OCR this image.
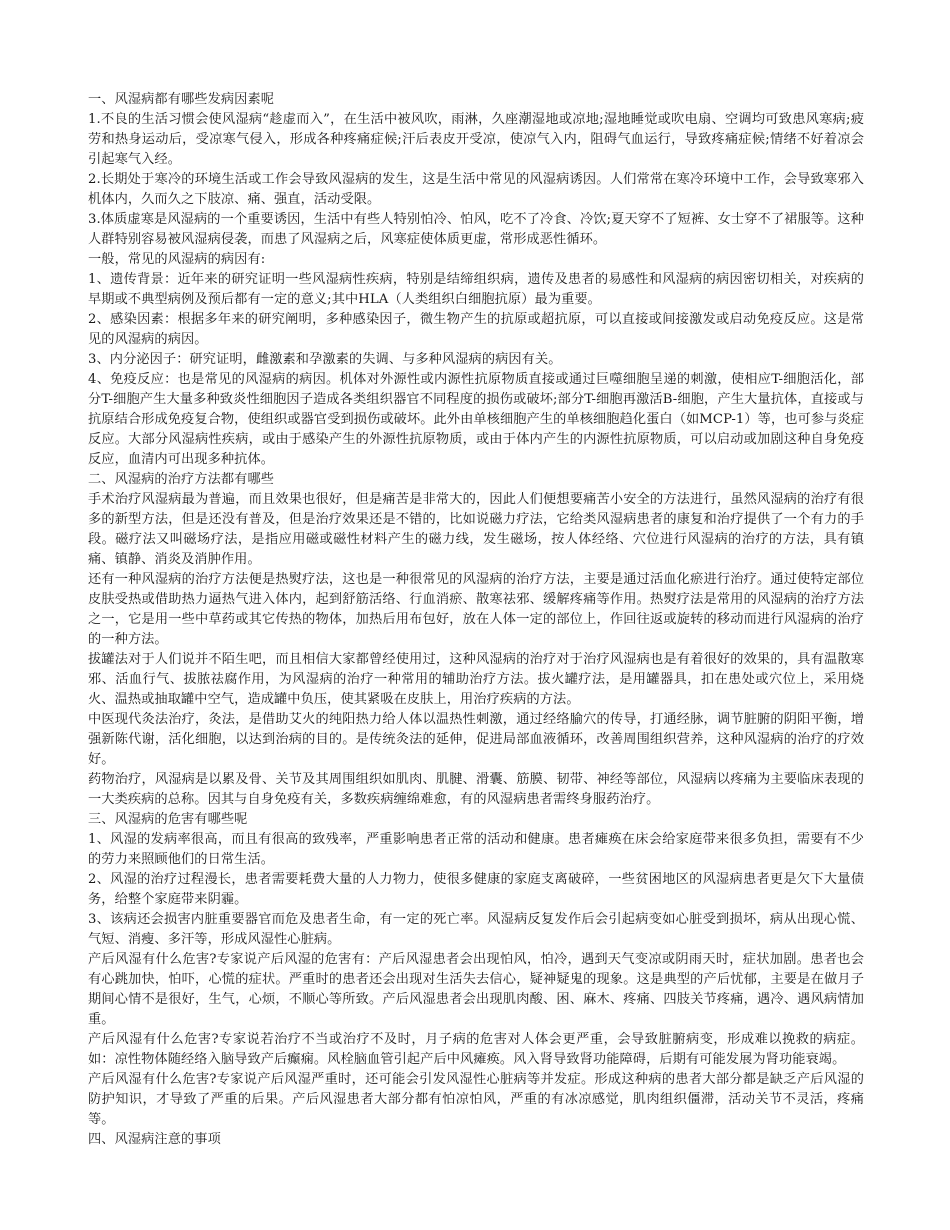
一、风湿病都有哪些发病因素呢

1.不良的生活习惯会使风湿病“趁虚而入”，在生活中被风吹，雨淋，久座潮湿地或凉地;湿地睡觉或吹电扇、空调均可致患风寒病;疲劳和热身运动后，受凉寒气侵入，形成各种疼痛症候;汗后表皮开受凉，使凉气入内，阻碍气血运行，导致疼痛症候;情绪不好着凉会引起寒气入经。

2.长期处于寒冷的环境生活或工作会导致风湿病的发生，这是生活中常见的风湿病诱因。人们常常在寒冷环境中工作，会导致寒邪入机体内，久而久之下肢凉、痛、强直，活动受限。

3.体质虚寒是风湿病的一个重要诱因，生活中有些人特别怕冷、怕风，吃不了冷食、冷饮;夏天穿不了短裤、女士穿不了裙服等。这种人群特别容易被风湿病侵袭，而患了风湿病之后，风寒症使体质更虚，常形成恶性循环。

一般，常见的风湿病的病因有:

1、遗传背景：近年来的研究证明一些风湿病性疾病，特别是结缔组织病，遗传及患者的易感性和风湿病的病因密切相关，对疾病的早期或不典型病例及预后都有一定的意义;其中HLA（人类组织白细胞抗原）最为重要。

2、感染因素：根据多年来的研究阐明，多种感染因子，微生物产生的抗原或超抗原，可以直接或间接激发或启动免疫反应。这是常见的风湿病的病因。

3、内分泌因子：研究证明，雌激素和孕激素的失调、与多种风湿病的病因有关。

4、免疫反应：也是常见的风湿病的病因。机体对外源性或内源性抗原物质直接或通过巨噬细胞呈递的刺激，使相应T-细胞活化，部分T-细胞产生大量多种致炎性细胞因子造成各类组织器官不同程度的损伤或破坏;部分T-细胞再激活B-细胞，产生大量抗体，直接或与抗原结合形成免疫复合物，使组织或器官受到损伤或破坏。此外由单核细胞产生的单核细胞趋化蛋白（如MCP-1）等，也可参与炎症反应。大部分风湿病性疾病，或由于感染产生的外源性抗原物质，或由于体内产生的内源性抗原物质，可以启动或加剧这种自身免疫反应，血清内可出现多种抗体。

二、风湿病的治疗方法都有哪些

手术治疗风湿病最为普遍，而且效果也很好，但是痛苦是非常大的，因此人们便想要痛苦小安全的方法进行，虽然风湿病的治疗有很多的新型方法，但是还没有普及，但是治疗效果还是不错的，比如说磁力疗法，它给类风湿病患者的康复和治疗提供了一个有力的手段。磁疗法又叫磁场疗法，是指应用磁或磁性材料产生的磁力线，发生磁场，按人体经络、穴位进行风湿病的治疗的方法，具有镇痛、镇静、消炎及消肿作用。

还有一种风湿病的治疗方法便是热熨疗法，这也是一种很常见的风湿病的治疗方法，主要是通过活血化瘀进行治疗。通过使特定部位皮肤受热或借助热力逼热气进入体内，起到舒筋活络、行血消瘀、散寒祛邪、缓解疼痛等作用。热熨疗法是常用的风湿病的治疗方法之一，它是用一些中草药或其它传热的物体，加热后用布包好，放在人体一定的部位上，作回往返或旋转的移动而进行风湿病的治疗的一种方法。

拔罐法对于人们说并不陌生吧，而且相信大家都曾经使用过，这种风湿病的治疗对于治疗风湿病也是有着很好的效果的，具有温散寒邪、活血行气、拔脓祛腐作用，为风湿病的治疗一种常用的辅助治疗方法。拔火罐疗法，是用罐器具，扣在患处或穴位上，采用烧火、温热或抽取罐中空气，造成罐中负压，使其紧吸在皮肤上，用治疗疾病的方法。

中医现代灸法治疗，灸法，是借助艾火的纯阳热力给人体以温热性刺激，通过经络腧穴的传导，打通经脉，调节脏腑的阴阳平衡，增强新陈代谢，活化细胞，以达到治病的目的。是传统灸法的延伸，促进局部血液循环，改善周围组织营养，这种风湿病的治疗的疗效好。

药物治疗，风湿病是以累及骨、关节及其周围组织如肌肉、肌腱、滑囊、筋膜、韧带、神经等部位，风湿病以疼痛为主要临床表现的一大类疾病的总称。因其与自身免疫有关，多数疾病缠绵难愈，有的风湿病患者需终身服药治疗。

三、风湿病的危害有哪些呢

1、风湿的发病率很高，而且有很高的致残率，严重影响患者正常的活动和健康。患者瘫痪在床会给家庭带来很多负担，需要有不少的劳力来照顾他们的日常生活。

2、风湿的治疗过程漫长，患者需要耗费大量的人力物力，使很多健康的家庭支离破碎，一些贫困地区的风湿病患者更是欠下大量债务，给整个家庭带来阴霾。

3、该病还会损害内脏重要器官而危及患者生命，有一定的死亡率。风湿病反复发作后会引起病变如心脏受到损坏，病从出现心慌、气短、消瘦、多汗等，形成风湿性心脏病。

产后风湿有什么危害?专家说产后风湿的危害有：产后风湿患者会出现怕风，怕冷，遇到天气变凉或阴雨天时，症状加剧。患者也会有心跳加快，怕吓，心慌的症状。严重时的患者还会出现对生活失去信心，疑神疑鬼的现象。这是典型的产后忧郁，主要是在做月子期间心情不是很好，生气，心烦，不顺心等所致。产后风湿患者会出现肌肉酸、困、麻木、疼痛、四肢关节疼痛，遇冷、遇风病情加重。

产后风湿有什么危害?专家说若治疗不当或治疗不及时，月子病的危害对人体会更严重，会导致脏腑病变，形成难以挽救的病症。如：凉性物体随经络入脑导致产后癫痫。风栓脑血管引起产后中风瘫痪。风入肾导致肾功能障碍，后期有可能发展为肾功能衰竭。

产后风湿有什么危害?专家说产后风湿严重时，还可能会引发风湿性心脏病等并发症。形成这种病的患者大部分都是缺乏产后风湿的防护知识，才导致了严重的后果。产后风湿患者大部分都有怕凉怕风，严重的有冰凉感觉，肌肉组织僵滞，活动关节不灵活，疼痛等。

四、风湿病注意的事项
